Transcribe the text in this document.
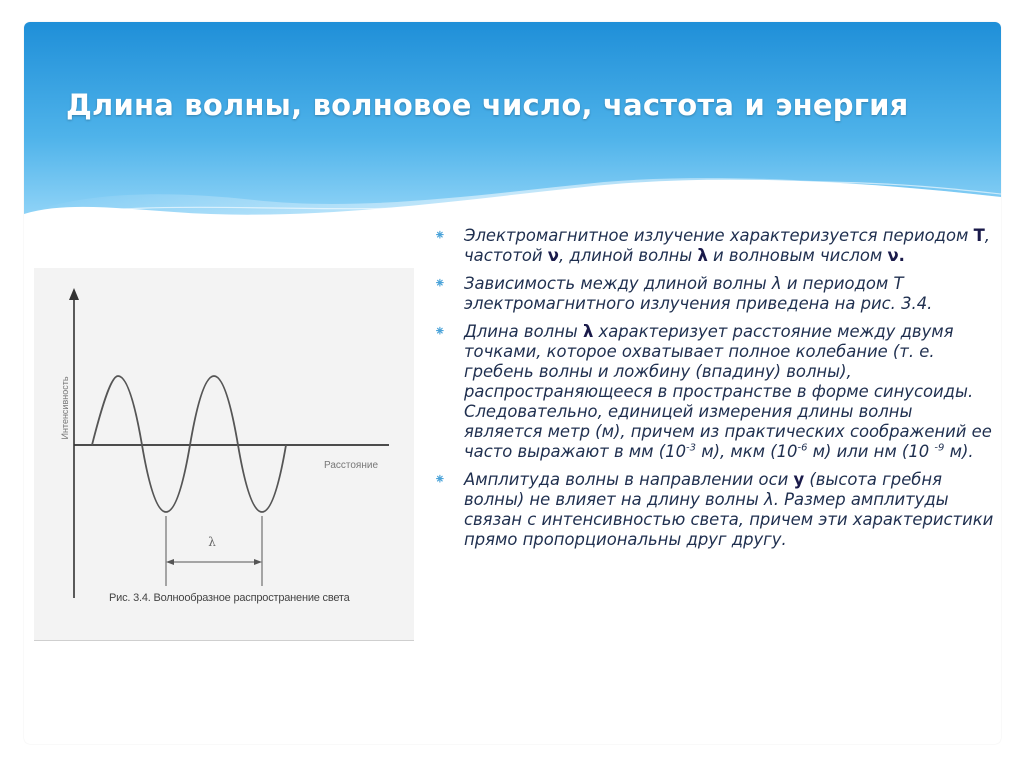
Длина волны, волновое число, частота и энергия
λ
Расстояние
Интенсивность
Рис. 3.4. Волнообразное распространение света
⁕ Электромагнитное излучение характеризуется периодом Т, частотой ν, длиной волны λ и волновым числом ν.
⁕ Зависимость между длиной волны λ и периодом Т электромагнитного излучения приведена на рис. 3.4.
⁕ Длина волны λ характеризует расстояние между двумя точками, которое охватывает полное колебание (т. е. гребень волны и ложбину (впадину) волны), распространяющееся в пространстве в форме синусоиды. Следовательно, единицей измерения длины волны является метр (м), причем из практических соображений ее часто выражают в мм ($10^{-3}$ м), мкм ($10^{-6}$ м) или нм (10 $^{-9}$ м).
⁕ Амплитуда волны в направлении оси у (высота гребня волны) не влияет на длину волны λ. Размер амплитуды связан с интенсивностью света, причем эти характеристики прямо пропорциональны друг другу.
